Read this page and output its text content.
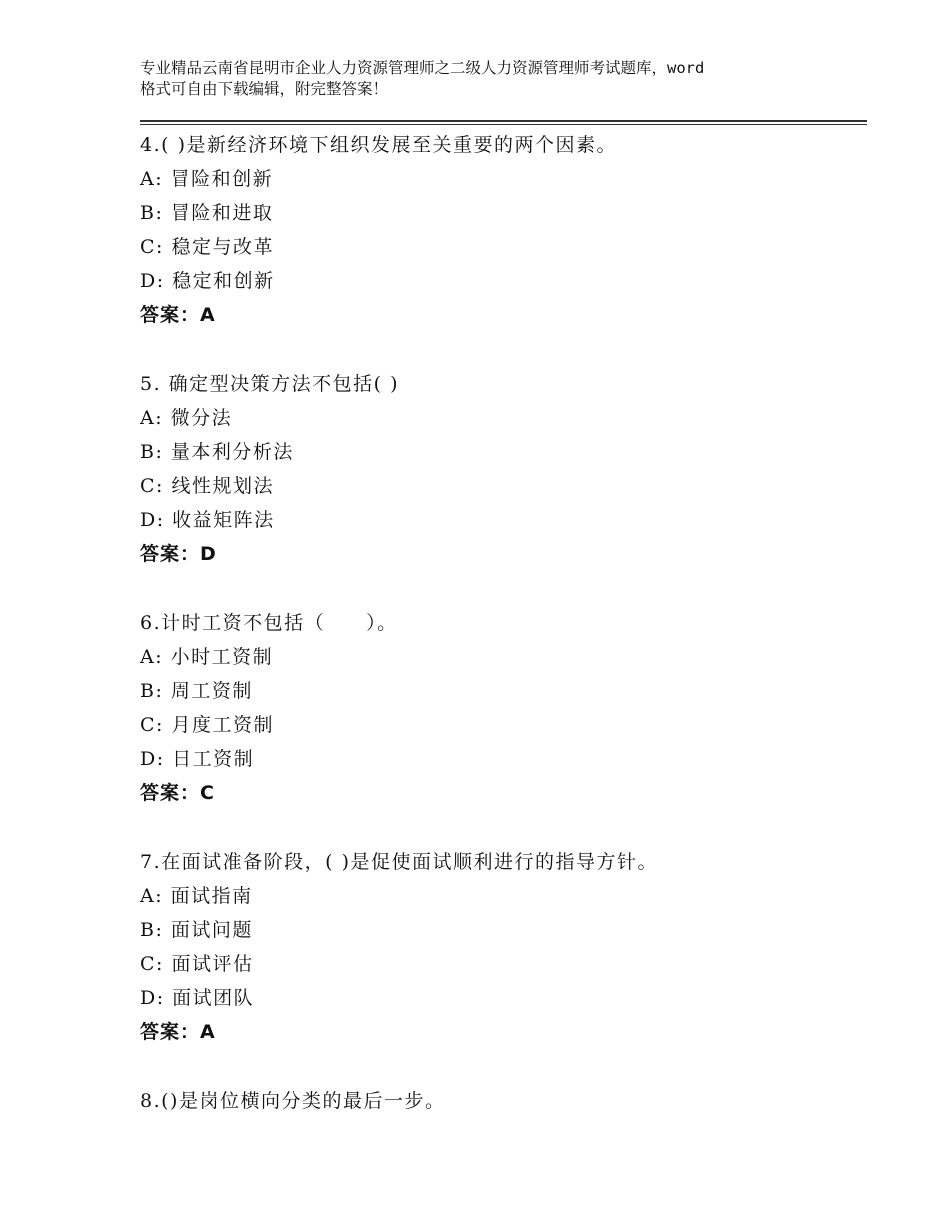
专业精品云南省昆明市企业人力资源管理师之二级人力资源管理师考试题库，word
格式可自由下载编辑，附完整答案！
4.( )是新经济环境下组织发展至关重要的两个因素。
A: 冒险和创新
B: 冒险和进取
C: 稳定与改革
D: 稳定和创新
答案：A
5. 确定型决策方法不包括( )
A: 微分法
B: 量本利分析法
C: 线性规划法
D: 收益矩阵法
答案：D
6.计时工资不包括（　　）。
A: 小时工资制
B: 周工资制
C: 月度工资制
D: 日工资制
答案：C
7.在面试准备阶段，( )是促使面试顺利进行的指导方针。
A: 面试指南
B: 面试问题
C: 面试评估
D: 面试团队
答案：A
8.()是岗位横向分类的最后一步。
